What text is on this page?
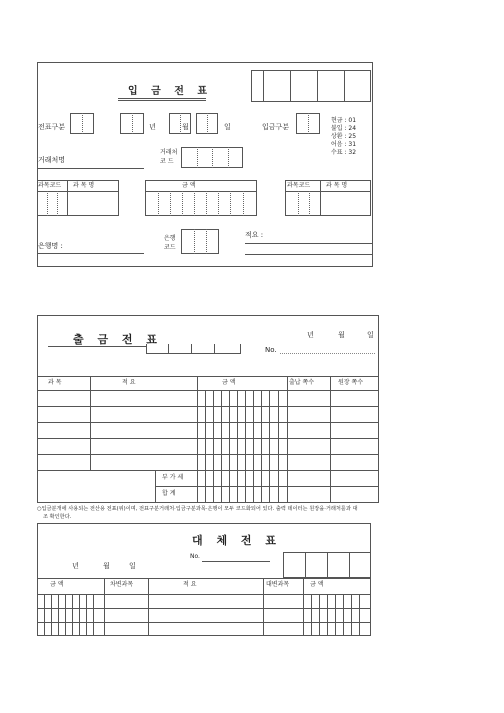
입 금 전 표
전표구분	년	월	일	입금구분
현금 : 01
불입 : 24
상환 : 25
어음 : 31
수표 : 32
거래처명
거래처
코 드
과목코드 과 목 명	금 액	과목코드	과 목 명
은행명 :
은행
코드
적요 :
출 금 전 표	년	월	일
No.
과 목	적 요	금 액	출납 쪽수	원장 쪽수
부 가 세
합 계
○입금분개에 사용되는 전산용 전표(위)이며, 전표구분거래처·입금구분과목·은행이 모두 코드화되어 있다. 출력 데이터는 원장을·거래처를과 대
조 확인한다.
대 체 전 표
No.
년	월	일
금 액	차변과목	적 요	대변과목	금 액
